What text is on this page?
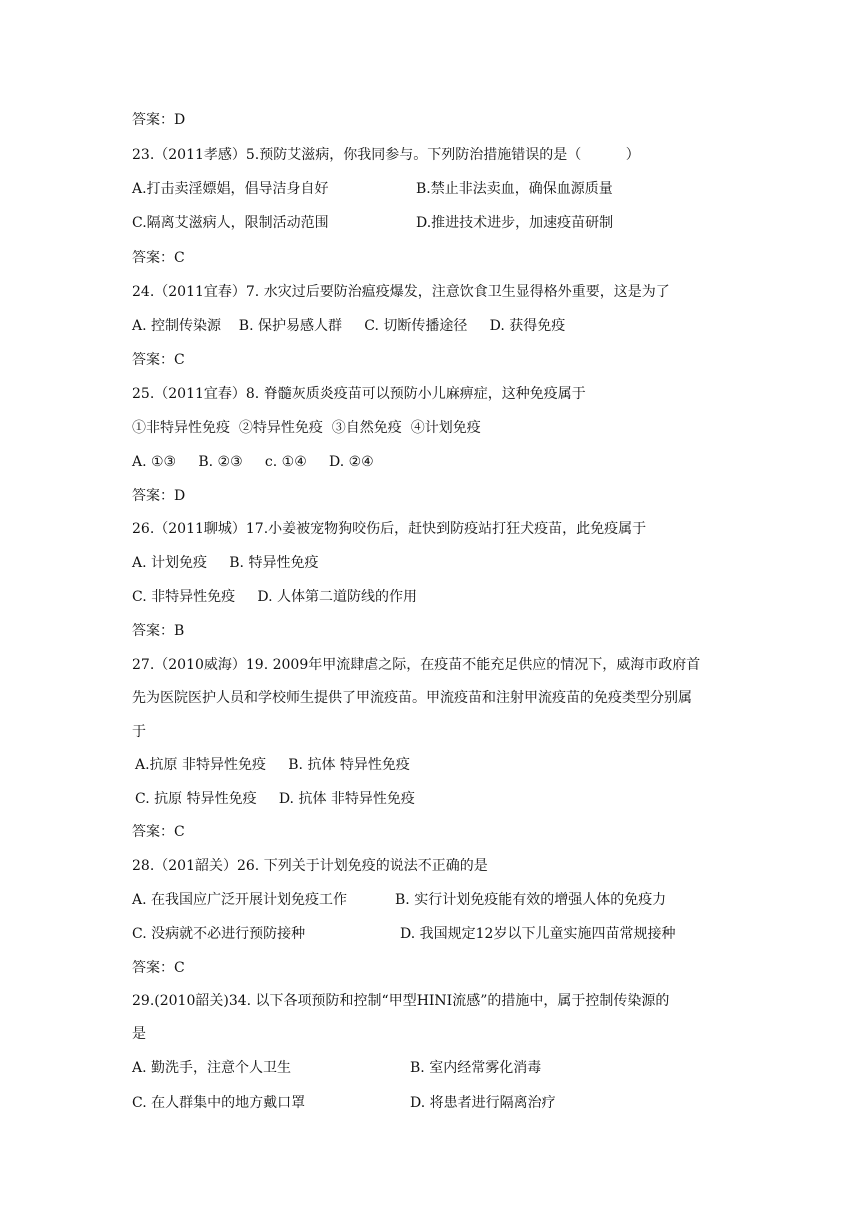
答案：D
23.（2011孝感）5.预防艾滋病，你我同参与。下列防治措施错误的是（          ）
A.打击卖淫嫖娼，倡导洁身自好	B.禁止非法卖血，确保血源质量
C.隔离艾滋病人，限制活动范围	D.推进技术进步，加速疫苗研制
答案：C
24.（2011宜春）7. 水灾过后要防治瘟疫爆发，注意饮食卫生显得格外重要，这是为了
A. 控制传染源    B. 保护易感人群     C. 切断传播途径     D. 获得免疫
答案：C
25.（2011宜春）8. 脊髓灰质炎疫苗可以预防小儿麻痹症，这种免疫属于
①非特异性免疫  ②特异性免疫  ③自然免疫  ④计划免疫
A. ①③     B. ②③     c. ①④     D. ②④
答案：D
26.（2011聊城）17.小姜被宠物狗咬伤后，赶快到防疫站打狂犬疫苗，此免疫属于
A. 计划免疫     B. 特异性免疫
C. 非特异性免疫     D. 人体第二道防线的作用
答案：B
27.（2010威海）19. 2009年甲流肆虐之际，在疫苗不能充足供应的情况下，威海市政府首
先为医院医护人员和学校师生提供了甲流疫苗。甲流疫苗和注射甲流疫苗的免疫类型分别属
于
A.抗原 非特异性免疫     B. 抗体 特异性免疫
C. 抗原 特异性免疫     D. 抗体 非特异性免疫
答案：C
28.（201韶关）26. 下列关于计划免疫的说法不正确的是
A. 在我国应广泛开展计划免疫工作	B. 实行计划免疫能有效的增强人体的免疫力
C. 没病就不必进行预防接种	D. 我国规定12岁以下儿童实施四苗常规接种
答案：C
29.(2010韶关)34. 以下各项预防和控制“甲型HINI流感”的措施中，属于控制传染源的
是
A. 勤洗手，注意个人卫生	B. 室内经常雾化消毒
C. 在人群集中的地方戴口罩	D. 将患者进行隔离治疗
